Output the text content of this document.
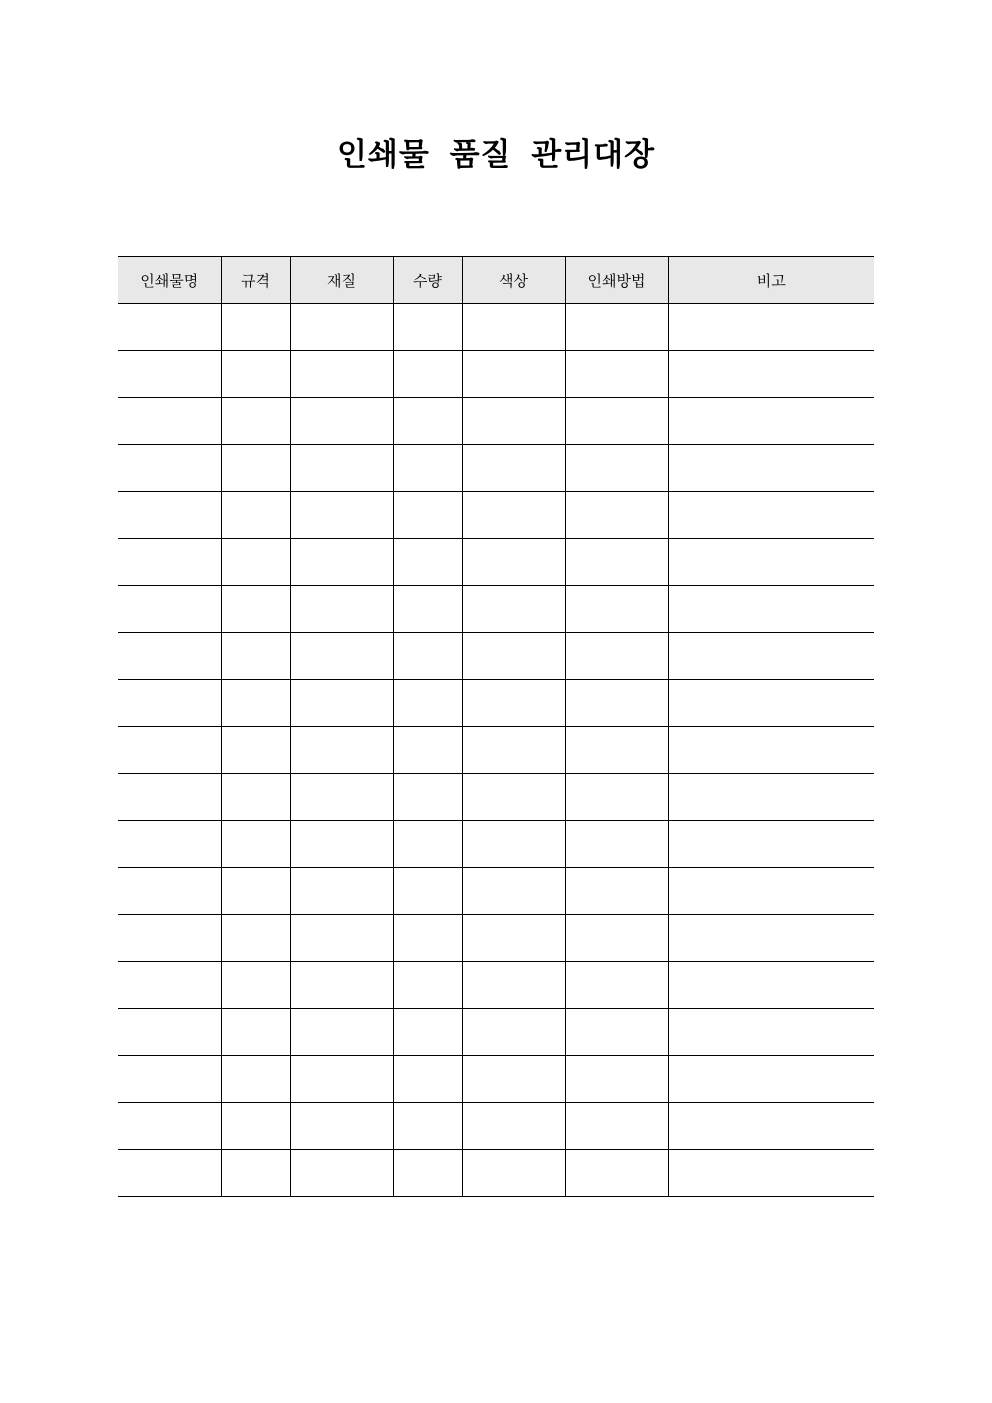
인쇄물 품질 관리대장
인쇄물명	규격	재질	수량	색상	인쇄방법	비고
